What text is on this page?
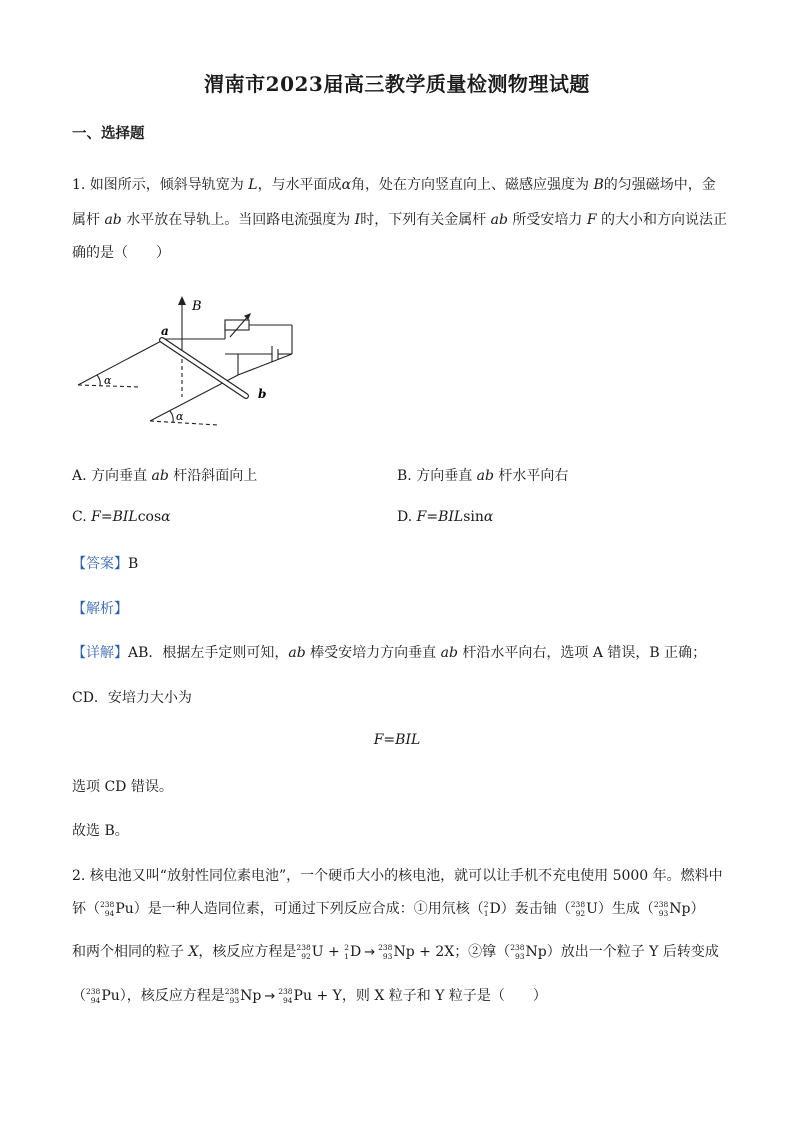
渭南市2023届高三教学质量检测物理试题
一、选择题
1. 如图所示，倾斜导轨宽为 L，与水平面成α角，处在方向竖直向上、磁感应强度为 B的匀强磁场中，金
属杆 ab 水平放在导轨上。当回路电流强度为 I时，下列有关金属杆 ab 所受安培力 F 的大小和方向说法正
确的是（　　）
B
a
b
α
α
A. 方向垂直 ab 杆沿斜面向上	B. 方向垂直 ab 杆水平向右
C. F=BILcosα	D. F=BILsinα
【答案】B
【解析】
【详解】AB．根据左手定则可知，ab 棒受安培力方向垂直 ab 杆沿水平向右，选项 A 错误，B 正确；
CD．安培力大小为
F=BIL
选项 CD 错误。
故选 B。
2. 核电池又叫“放射性同位素电池”，一个硬币大小的核电池，就可以让手机不充电使用 5000 年。燃料中
钚（ 238
94 Pu）是一种人造同位素，可通过下列反应合成：①用氘核（ 2
1 D）轰击铀（ 238
92 U）生成（ 238
93 Np）
和两个相同的粒子 X，核反应方程是 238
92 U + 2
1 D → 238
93 Np + 2X；②镎（ 238
93 Np）放出一个粒子 Y 后转变成
（ 238
94 Pu），核反应方程是 238
93 Np → 238
94 Pu + Y，则 X 粒子和 Y 粒子是（　　）
